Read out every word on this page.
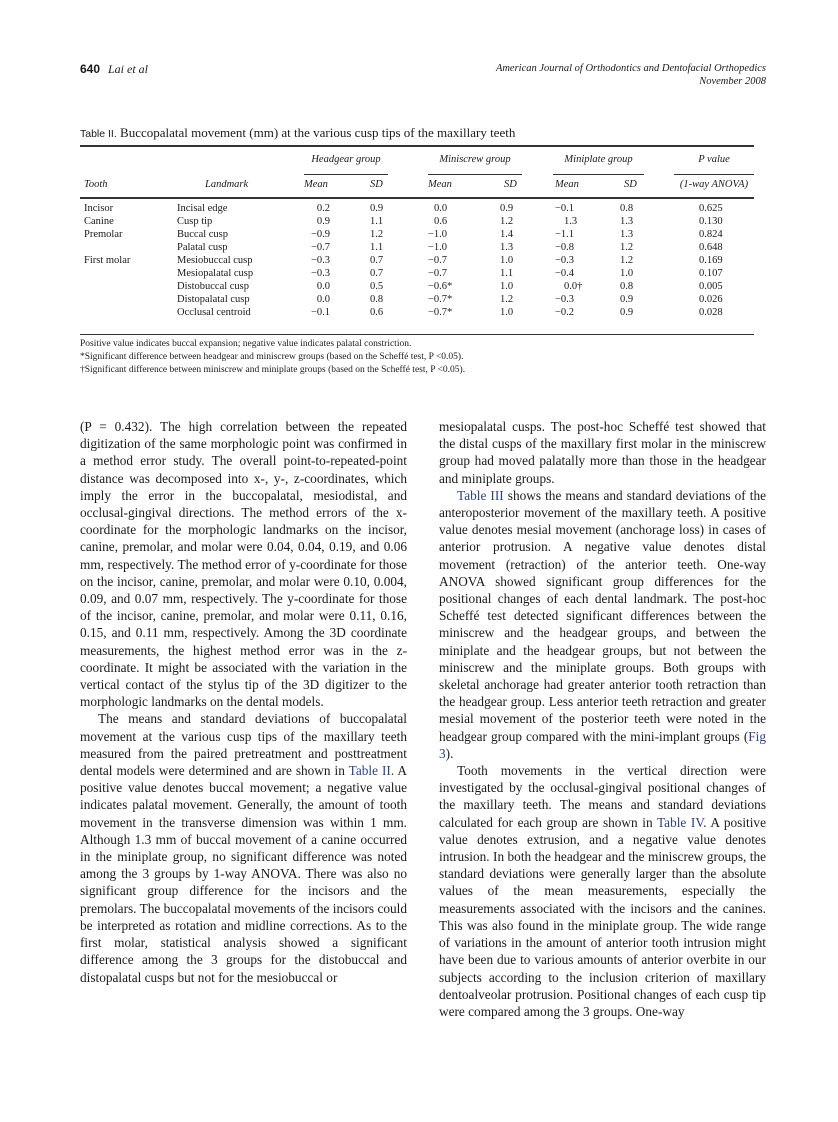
640 Lai et al	American Journal of Orthodontics and Dentofacial Orthopedics
November 2008
Table II. Buccopalatal movement (mm) at the various cusp tips of the maxillary teeth
Headgear group	Miniscrew group	Miniplate group	P value
Tooth	Landmark	Mean	SD	Mean	SD	Mean	SD	(1-way ANOVA)
Incisor	Incisal edge	0.2	0.9	0.0	0.9	−0.1	0.8	0.625
Canine	Cusp tip	0.9	1.1	0.6	1.2	1.3	1.3	0.130
Premolar	Buccal cusp	−0.9	1.2	−1.0	1.4	−1.1	1.3	0.824
Palatal cusp	−0.7	1.1	−1.0	1.3	−0.8	1.2	0.648
First molar	Mesiobuccal cusp	−0.3	0.7	−0.7	1.0	−0.3	1.2	0.169
Mesiopalatal cusp	−0.3	0.7	−0.7	1.1	−0.4	1.0	0.107
Distobuccal cusp	0.0	0.5	−0.6*	1.0	0.0†	0.8	0.005
Distopalatal cusp	0.0	0.8	−0.7*	1.2	−0.3	0.9	0.026
Occlusal centroid	−0.1	0.6	−0.7*	1.0	−0.2	0.9	0.028
Positive value indicates buccal expansion; negative value indicates palatal constriction.
*Significant difference between headgear and miniscrew groups (based on the Scheffé test, P <0.05).
†Significant difference between miniscrew and miniplate groups (based on the Scheffé test, P <0.05).

(P = 0.432). The high correlation between the repeated digitization of the same morphologic point was confirmed in a method error study. The overall point-to-repeated-point distance was decomposed into x-, y-, z-coordinates, which imply the error in the buccopalatal, mesiodistal, and occlusal-gingival directions. The method errors of the x-coordinate for the morphologic landmarks on the incisor, canine, premolar, and molar were 0.04, 0.04, 0.19, and 0.06 mm, respectively. The method error of y-coordinate for those on the incisor, canine, premolar, and molar were 0.10, 0.004, 0.09, and 0.07 mm, respectively. The y-coordinate for those of the incisor, canine, premolar, and molar were 0.11, 0.16, 0.15, and 0.11 mm, respectively. Among the 3D coordinate measurements, the highest method error was in the z-coordinate. It might be associated with the variation in the vertical contact of the stylus tip of the 3D digitizer to the morphologic landmarks on the dental models.

The means and standard deviations of buccopalatal movement at the various cusp tips of the maxillary teeth measured from the paired pretreatment and posttreatment dental models were determined and are shown in Table II. A positive value denotes buccal movement; a negative value indicates palatal movement. Generally, the amount of tooth movement in the transverse dimension was within 1 mm. Although 1.3 mm of buccal movement of a canine occurred in the miniplate group, no significant difference was noted among the 3 groups by 1-way ANOVA. There was also no significant group difference for the incisors and the premolars. The buccopalatal movements of the incisors could be interpreted as rotation and midline corrections. As to the first molar, statistical analysis showed a significant difference among the 3 groups for the distobuccal and distopalatal cusps but not for the mesiobuccal or

mesiopalatal cusps. The post-hoc Scheffé test showed that the distal cusps of the maxillary first molar in the miniscrew group had moved palatally more than those in the headgear and miniplate groups.

Table III shows the means and standard deviations of the anteroposterior movement of the maxillary teeth. A positive value denotes mesial movement (anchorage loss) in cases of anterior protrusion. A negative value denotes distal movement (retraction) of the anterior teeth. One-way ANOVA showed significant group differences for the positional changes of each dental landmark. The post-hoc Scheffé test detected significant differences between the miniscrew and the headgear groups, and between the miniplate and the headgear groups, but not between the miniscrew and the miniplate groups. Both groups with skeletal anchorage had greater anterior tooth retraction than the headgear group. Less anterior teeth retraction and greater mesial movement of the posterior teeth were noted in the headgear group compared with the mini-implant groups (Fig 3).

Tooth movements in the vertical direction were investigated by the occlusal-gingival positional changes of the maxillary teeth. The means and standard deviations calculated for each group are shown in Table IV. A positive value denotes extrusion, and a negative value denotes intrusion. In both the headgear and the miniscrew groups, the standard deviations were generally larger than the absolute values of the mean measurements, especially the measurements associated with the incisors and the canines. This was also found in the miniplate group. The wide range of variations in the amount of anterior tooth intrusion might have been due to various amounts of anterior overbite in our subjects according to the inclusion criterion of maxillary dentoalveolar protrusion. Positional changes of each cusp tip were compared among the 3 groups. One-way
